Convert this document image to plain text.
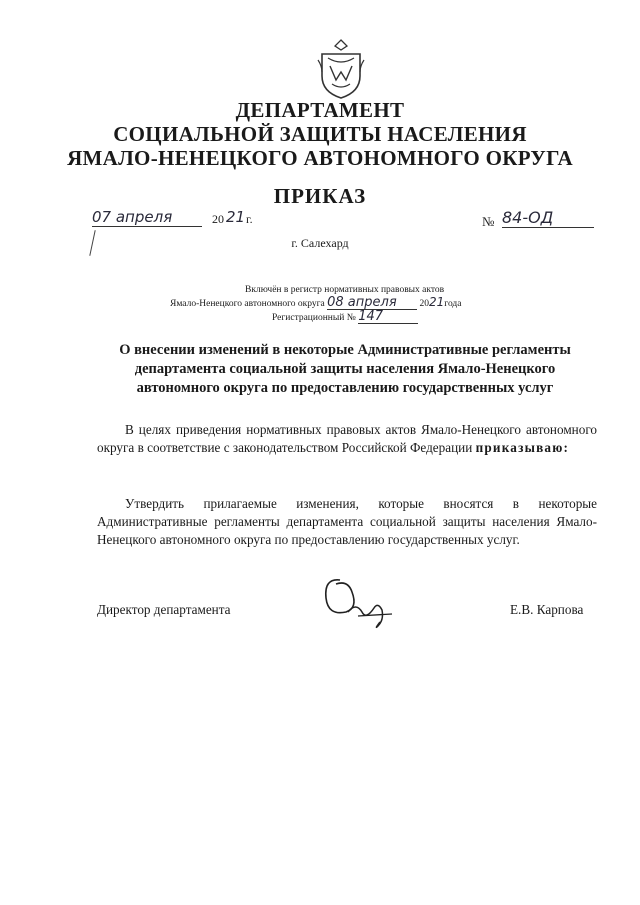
ДЕПАРТАМЕНТ
СОЦИАЛЬНОЙ ЗАЩИТЫ НАСЕЛЕНИЯ
ЯМАЛО-НЕНЕЦКОГО АВТОНОМНОГО ОКРУГА
ПРИКАЗ
07 апреля	20 21 г.	№ 84-ОД
г. Салехард
Включён в регистр нормативных правовых актов
Ямало-Ненецкого автономного округа 08 апреля 2021года
Регистрационный № 147
О внесении изменений в некоторые Административные регламенты департамента социальной защиты населения Ямало-Ненецкого автономного округа по предоставлению государственных услуг
В целях приведения нормативных правовых актов Ямало-Ненецкого автономного округа в соответствие с законодательством Российской Федерации приказываю:
Утвердить прилагаемые изменения, которые вносятся в некоторые Административные регламенты департамента социальной защиты населения Ямало-Ненецкого автономного округа по предоставлению государственных услуг.
Директор департамента	Е.В. Карпова
